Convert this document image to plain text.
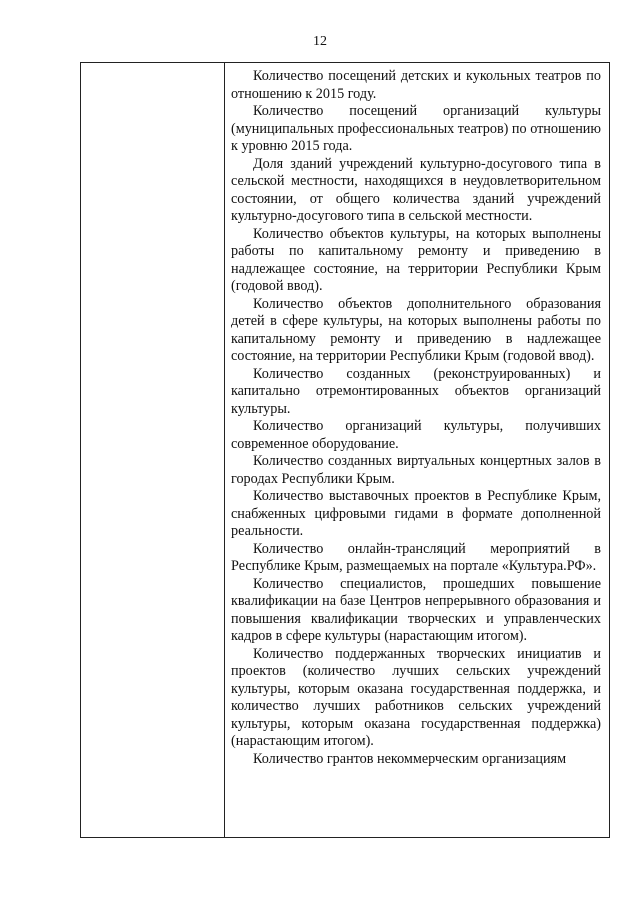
12

Количество посещений детских и кукольных театров по отношению к 2015 году.

Количество посещений организаций культуры (муниципальных профессиональных театров) по отношению к уровню 2015 года.

Доля зданий учреждений культурно-досугового типа в сельской местности, находящихся в неудовлетворительном состоянии, от общего количества зданий учреждений культурно-досугового типа в сельской местности.

Количество объектов культуры, на которых выполнены работы по капитальному ремонту и приведению в надлежащее состояние, на территории Республики Крым (годовой ввод).

Количество объектов дополнительного образования детей в сфере культуры, на которых выполнены работы по капитальному ремонту и приведению в надлежащее состояние, на территории Республики Крым (годовой ввод).

Количество созданных (реконструированных) и капитально отремонтированных объектов организаций культуры.

Количество организаций культуры, получивших современное оборудование.

Количество созданных виртуальных концертных залов в городах Республики Крым.

Количество выставочных проектов в Республике Крым, снабженных цифровыми гидами в формате дополненной реальности.

Количество онлайн-трансляций мероприятий в Республике Крым, размещаемых на портале «Культура.РФ».

Количество специалистов, прошедших повышение квалификации на базе Центров непрерывного образования и повышения квалификации творческих и управленческих кадров в сфере культуры (нарастающим итогом).

Количество поддержанных творческих инициатив и проектов (количество лучших сельских учреждений культуры, которым оказана государственная поддержка, и количество лучших работников сельских учреждений культуры, которым оказана государственная поддержка) (нарастающим итогом).

Количество грантов некоммерческим организациям
